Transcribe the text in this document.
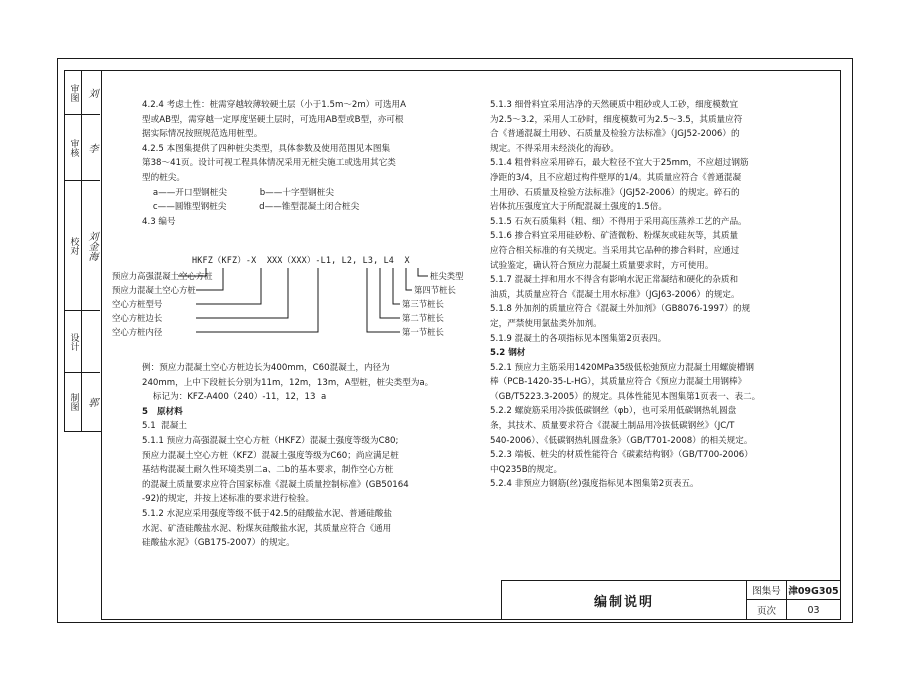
审图 刘
审核 李
校对 刘金海
设计
制图 郭

4.2.4 考虑土性：桩需穿越较薄较硬土层（小于1.5m～2m）可选用A

型或AB型，需穿越一定厚度坚硬土层时，可选用AB型或B型，亦可根

据实际情况按照规范选用桩型。

4.2.5 本图集提供了四种桩尖类型，具体参数及使用范围见本图集

第38～41页。设计可视工程具体情况采用无桩尖施工或选用其它类

型的桩尖。

a——开口型钢桩尖            b——十字型钢桩尖

c——圆锥型钢桩尖            d——锥型混凝土闭合桩尖

4.3 编号

HKFZ（KFZ）-X  XXX（XXX）-L1, L2, L3, L4  X
预应力高强混凝土空心方桩
预应力混凝土空心方桩
空心方桩型号
空心方桩边长
空心方桩内径
桩尖类型
第四节桩长
第三节桩长
第二节桩长
第一节桩长

例：预应力混凝土空心方桩边长为400mm，C60混凝土，内径为

240mm，上中下段桩长分别为11m，12m，13m，A型桩，桩尖类型为a。

标记为：KFZ-A400（240）-11，12，13  a

5   原材料

5.1  混凝土

5.1.1 预应力高强混凝土空心方桩（HKFZ）混凝土强度等级为C80;

预应力混凝土空心方桩（KFZ）混凝土强度等级为C60；尚应满足桩

基结构混凝土耐久性环境类别二a、二b的基本要求，制作空心方桩

的混凝土质量要求应符合国家标准《混凝土质量控制标准》(GB50164

-92)的规定，并按上述标准的要求进行检验。

5.1.2 水泥应采用强度等级不低于42.5的硅酸盐水泥、普通硅酸盐

水泥、矿渣硅酸盐水泥、粉煤灰硅酸盐水泥，其质量应符合《通用

硅酸盐水泥》（GB175-2007）的规定。

5.1.3 细骨料宜采用洁净的天然硬质中粗砂或人工砂，细度模数宜

为2.5～3.2，采用人工砂时，细度模数可为2.5～3.5，其质量应符

合《普通混凝土用砂、石质量及检验方法标准》（JGJ52-2006）的

规定。不得采用未经淡化的海砂。

5.1.4 粗骨料应采用碎石，最大粒径不宜大于25mm，不应超过钢筋

净距的3/4，且不应超过构件壁厚的1/4。其质量应符合《普通混凝

土用砂、石质量及检验方法标准》（JGJ52-2006）的规定。碎石的

岩体抗压强度宜大于所配混凝土强度的1.5倍。

5.1.5 石灰石质集料（粗、细）不得用于采用高压蒸养工艺的产品。

5.1.6 掺合料宜采用硅砂粉、矿渣微粉、粉煤灰或硅灰等，其质量

应符合相关标准的有关规定。当采用其它品种的掺合料时，应通过

试验鉴定，确认符合预应力混凝土质量要求时，方可使用。

5.1.7 混凝土拌和用水不得含有影响水泥正常凝结和硬化的杂质和

油质，其质量应符合《混凝土用水标准》（JGJ63-2006）的规定。

5.1.8 外加剂的质量应符合《混凝土外加剂》（GB8076-1997）的规

定，严禁使用氯盐类外加剂。

5.1.9 混凝土的各项指标见本图集第2页表四。

5.2 钢材

5.2.1 预应力主筋采用1420MPa35级低松弛预应力混凝土用螺旋槽钢

棒（PCB-1420-35-L-HG），其质量应符合《预应力混凝土用钢棒》

（GB/T5223.3-2005）的规定。具体性能见本图集第1页表一、表二。

5.2.2 螺旋筋采用冷拔低碳钢丝（φb），也可采用低碳钢热轧圆盘

条，其技术、质量要求符合《混凝土制品用冷拔低碳钢丝》（JC/T

540-2006）、《低碳钢热轧圆盘条》（GB/T701-2008）的相关规定。

5.2.3 端板、桩尖的材质性能符合《碳素结构钢》（GB/T700-2006）

中Q235B的规定。

5.2.4 非预应力钢筋(丝)强度指标见本图集第2页表五。

编制说明
图集号 津09G305
页次	03
